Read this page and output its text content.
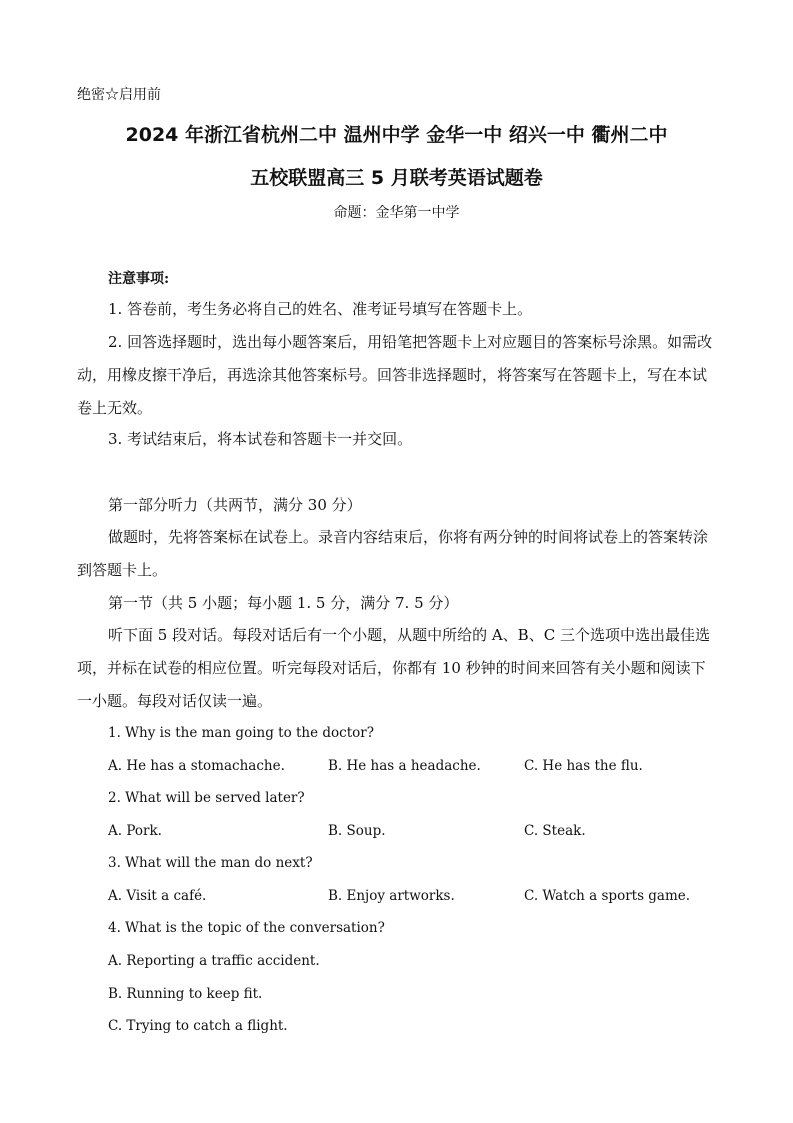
绝密☆启用前
2024 年浙江省杭州二中 温州中学 金华一中 绍兴一中 衢州二中
五校联盟高三 5 月联考英语试题卷
命题：金华第一中学
注意事项:

1. 答卷前，考生务必将自己的姓名、准考证号填写在答题卡上。

2. 回答选择题时，选出每小题答案后，用铅笔把答题卡上对应题目的答案标号涂黑。如需改动，用橡皮擦干净后，再选涂其他答案标号。回答非选择题时，将答案写在答题卡上，写在本试卷上无效。

3. 考试结束后，将本试卷和答题卡一并交回。

第一部分听力（共两节，满分 30 分）

做题时，先将答案标在试卷上。录音内容结束后，你将有两分钟的时间将试卷上的答案转涂到答题卡上。

第一节（共 5 小题；每小题 1. 5 分，满分 7. 5 分）

听下面 5 段对话。每段对话后有一个小题，从题中所给的 A、B、C 三个选项中选出最佳选项，并标在试卷的相应位置。听完每段对话后，你都有 10 秒钟的时间来回答有关小题和阅读下一小题。每段对话仅读一遍。

1. Why is the man going to the doctor?
A. He has a stomachache.	B. He has a headache.	C. He has the flu.
2. What will be served later?
A. Pork.	B. Soup.	C. Steak.
3. What will the man do next?
A. Visit a café.	B. Enjoy artworks.	C. Watch a sports game.
4. What is the topic of the conversation?
A. Reporting a traffic accident.
B. Running to keep fit.
C. Trying to catch a flight.
